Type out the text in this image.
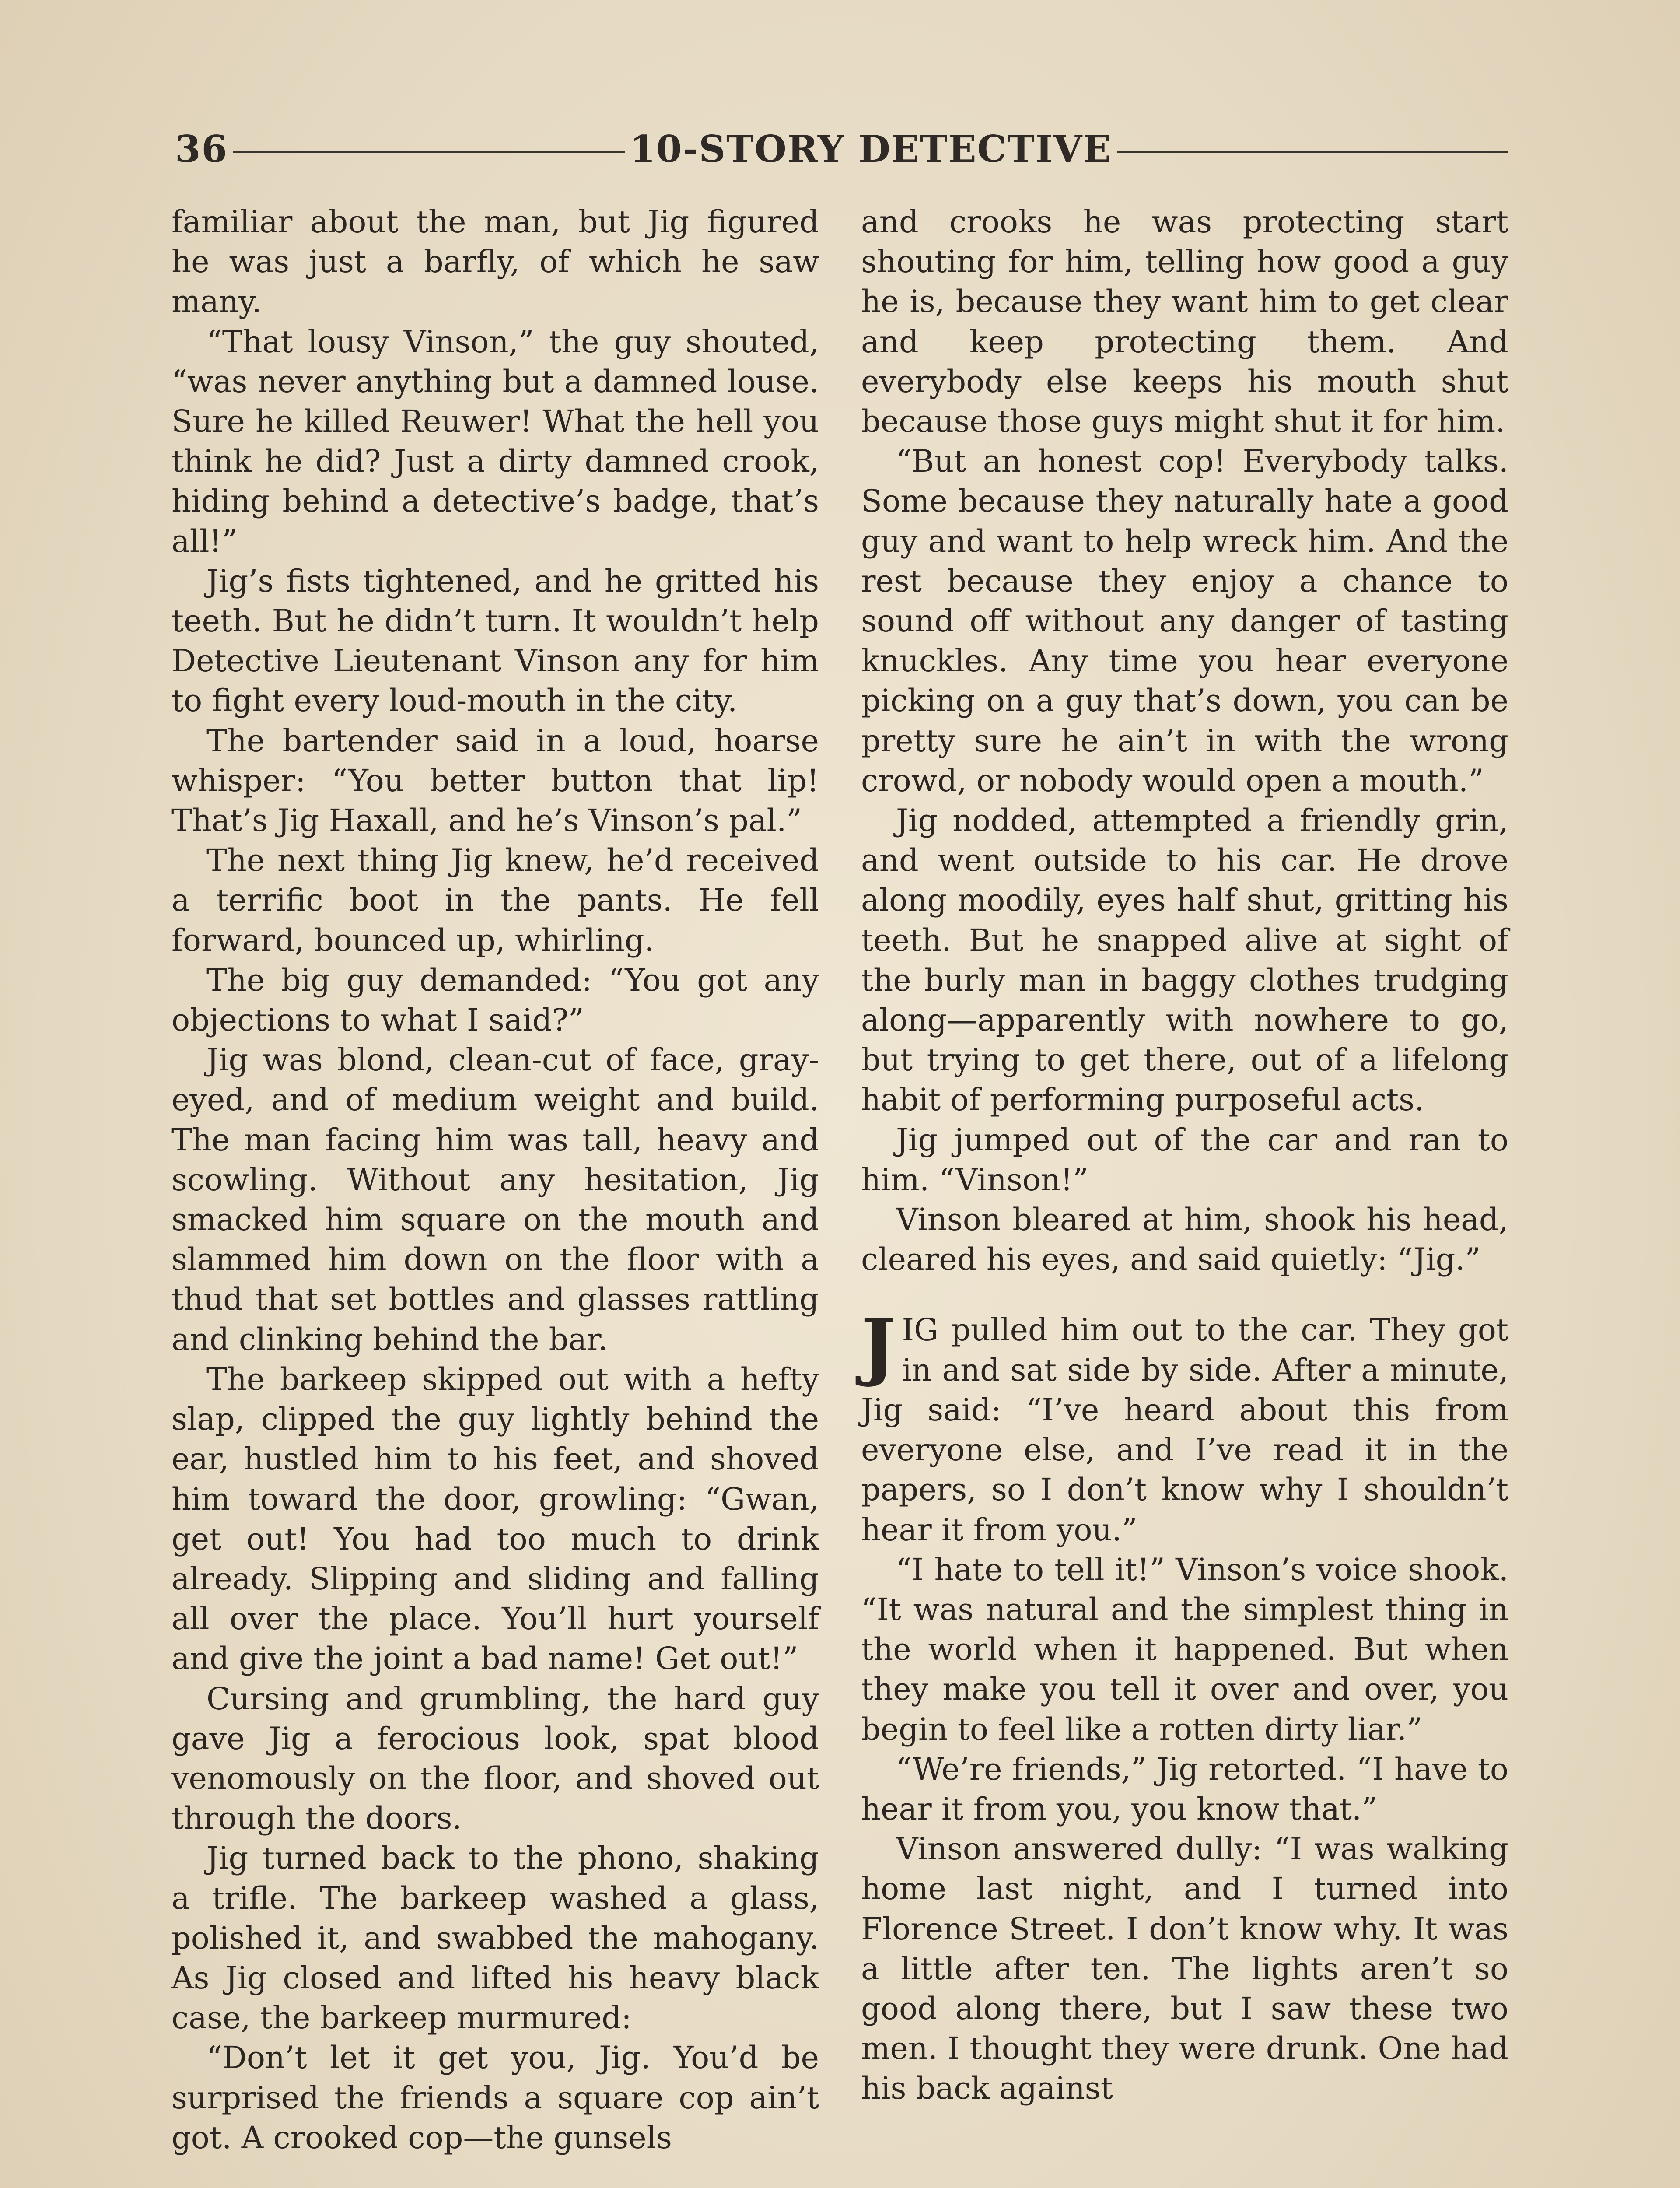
36	10-STORY DETECTIVE

familiar about the man, but Jig figured he was just a barfly, of which he saw many.

“That lousy Vinson,” the guy shouted, “was never anything but a damned louse. Sure he killed Reuwer! What the hell you think he did? Just a dirty damned crook, hiding behind a detective’s badge, that’s all!”

Jig’s fists tightened, and he gritted his teeth. But he didn’t turn. It wouldn’t help Detective Lieutenant Vinson any for him to fight every loud-mouth in the city.

The bartender said in a loud, hoarse whisper: “You better button that lip! That’s Jig Haxall, and he’s Vinson’s pal.”

The next thing Jig knew, he’d received a terrific boot in the pants. He fell forward, bounced up, whirling.

The big guy demanded: “You got any objections to what I said?”

Jig was blond, clean-cut of face, gray-eyed, and of medium weight and build. The man facing him was tall, heavy and scowling. Without any hesitation, Jig smacked him square on the mouth and slammed him down on the floor with a thud that set bottles and glasses rattling and clinking behind the bar.

The barkeep skipped out with a hefty slap, clipped the guy lightly behind the ear, hustled him to his feet, and shoved him toward the door, growling: “Gwan, get out! You had too much to drink already. Slipping and sliding and falling all over the place. You’ll hurt yourself and give the joint a bad name! Get out!”

Cursing and grumbling, the hard guy gave Jig a ferocious look, spat blood venomously on the floor, and shoved out through the doors.

Jig turned back to the phono, shaking a trifle. The barkeep washed a glass, polished it, and swabbed the mahogany. As Jig closed and lifted his heavy black case, the barkeep murmured:

“Don’t let it get you, Jig. You’d be surprised the friends a square cop ain’t got. A crooked cop—the gunsels

and crooks he was protecting start shouting for him, telling how good a guy he is, because they want him to get clear and keep protecting them. And everybody else keeps his mouth shut because those guys might shut it for him.

“But an honest cop! Everybody talks. Some because they naturally hate a good guy and want to help wreck him. And the rest because they enjoy a chance to sound off without any danger of tasting knuckles. Any time you hear everyone picking on a guy that’s down, you can be pretty sure he ain’t in with the wrong crowd, or nobody would open a mouth.”

Jig nodded, attempted a friendly grin, and went outside to his car. He drove along moodily, eyes half shut, gritting his teeth. But he snapped alive at sight of the burly man in baggy clothes trudging along—apparently with nowhere to go, but trying to get there, out of a lifelong habit of performing purposeful acts.

Jig jumped out of the car and ran to him. “Vinson!”

Vinson bleared at him, shook his head, cleared his eyes, and said quietly: “Jig.”

JIG pulled him out to the car. They got in and sat side by side. After a minute, Jig said: “I’ve heard about this from everyone else, and I’ve read it in the papers, so I don’t know why I shouldn’t hear it from you.”

“I hate to tell it!” Vinson’s voice shook. “It was natural and the simplest thing in the world when it happened. But when they make you tell it over and over, you begin to feel like a rotten dirty liar.”

“We’re friends,” Jig retorted. “I have to hear it from you, you know that.”

Vinson answered dully: “I was walking home last night, and I turned into Florence Street. I don’t know why. It was a little after ten. The lights aren’t so good along there, but I saw these two men. I thought they were drunk. One had his back against
